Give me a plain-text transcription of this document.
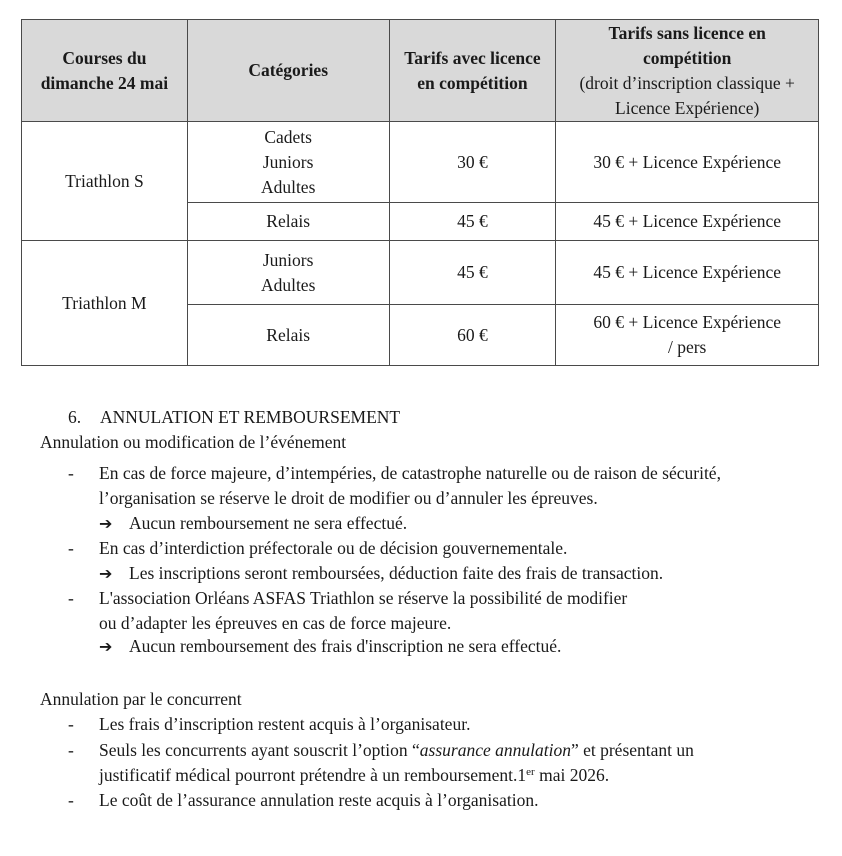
Courses du dimanche 24 mai	Catégories	Tarifs avec licence en compétition	Tarifs sans licence en compétition
(droit d’inscription classique + Licence Expérience)

Triathlon S	Cadets
Juniors
Adultes	30 €	30 € + Licence Expérience
	Relais	45 €	45 € + Licence Expérience
Triathlon M	Juniors
Adultes	45 €	45 € + Licence Expérience
	Relais	60 €	60 € + Licence Expérience
/ pers
6. ANNULATION ET REMBOURSEMENT
Annulation ou modification de l’événement
- En cas de force majeure, d’intempéries, de catastrophe naturelle ou de raison de sécurité,
l’organisation se réserve le droit de modifier ou d’annuler les épreuves.
➔ Aucun remboursement ne sera effectué.
- En cas d’interdiction préfectorale ou de décision gouvernementale.
➔ Les inscriptions seront remboursées, déduction faite des frais de transaction.
- L'association Orléans ASFAS Triathlon se réserve la possibilité de modifier
ou d’adapter les épreuves en cas de force majeure.
➔ Aucun remboursement des frais d'inscription ne sera effectué.
Annulation par le concurrent
- Les frais d’inscription restent acquis à l’organisateur.
- Seuls les concurrents ayant souscrit l’option “assurance annulation” et présentant un
justificatif médical pourront prétendre à un remboursement.1er mai 2026.
- Le coût de l’assurance annulation reste acquis à l’organisation.
